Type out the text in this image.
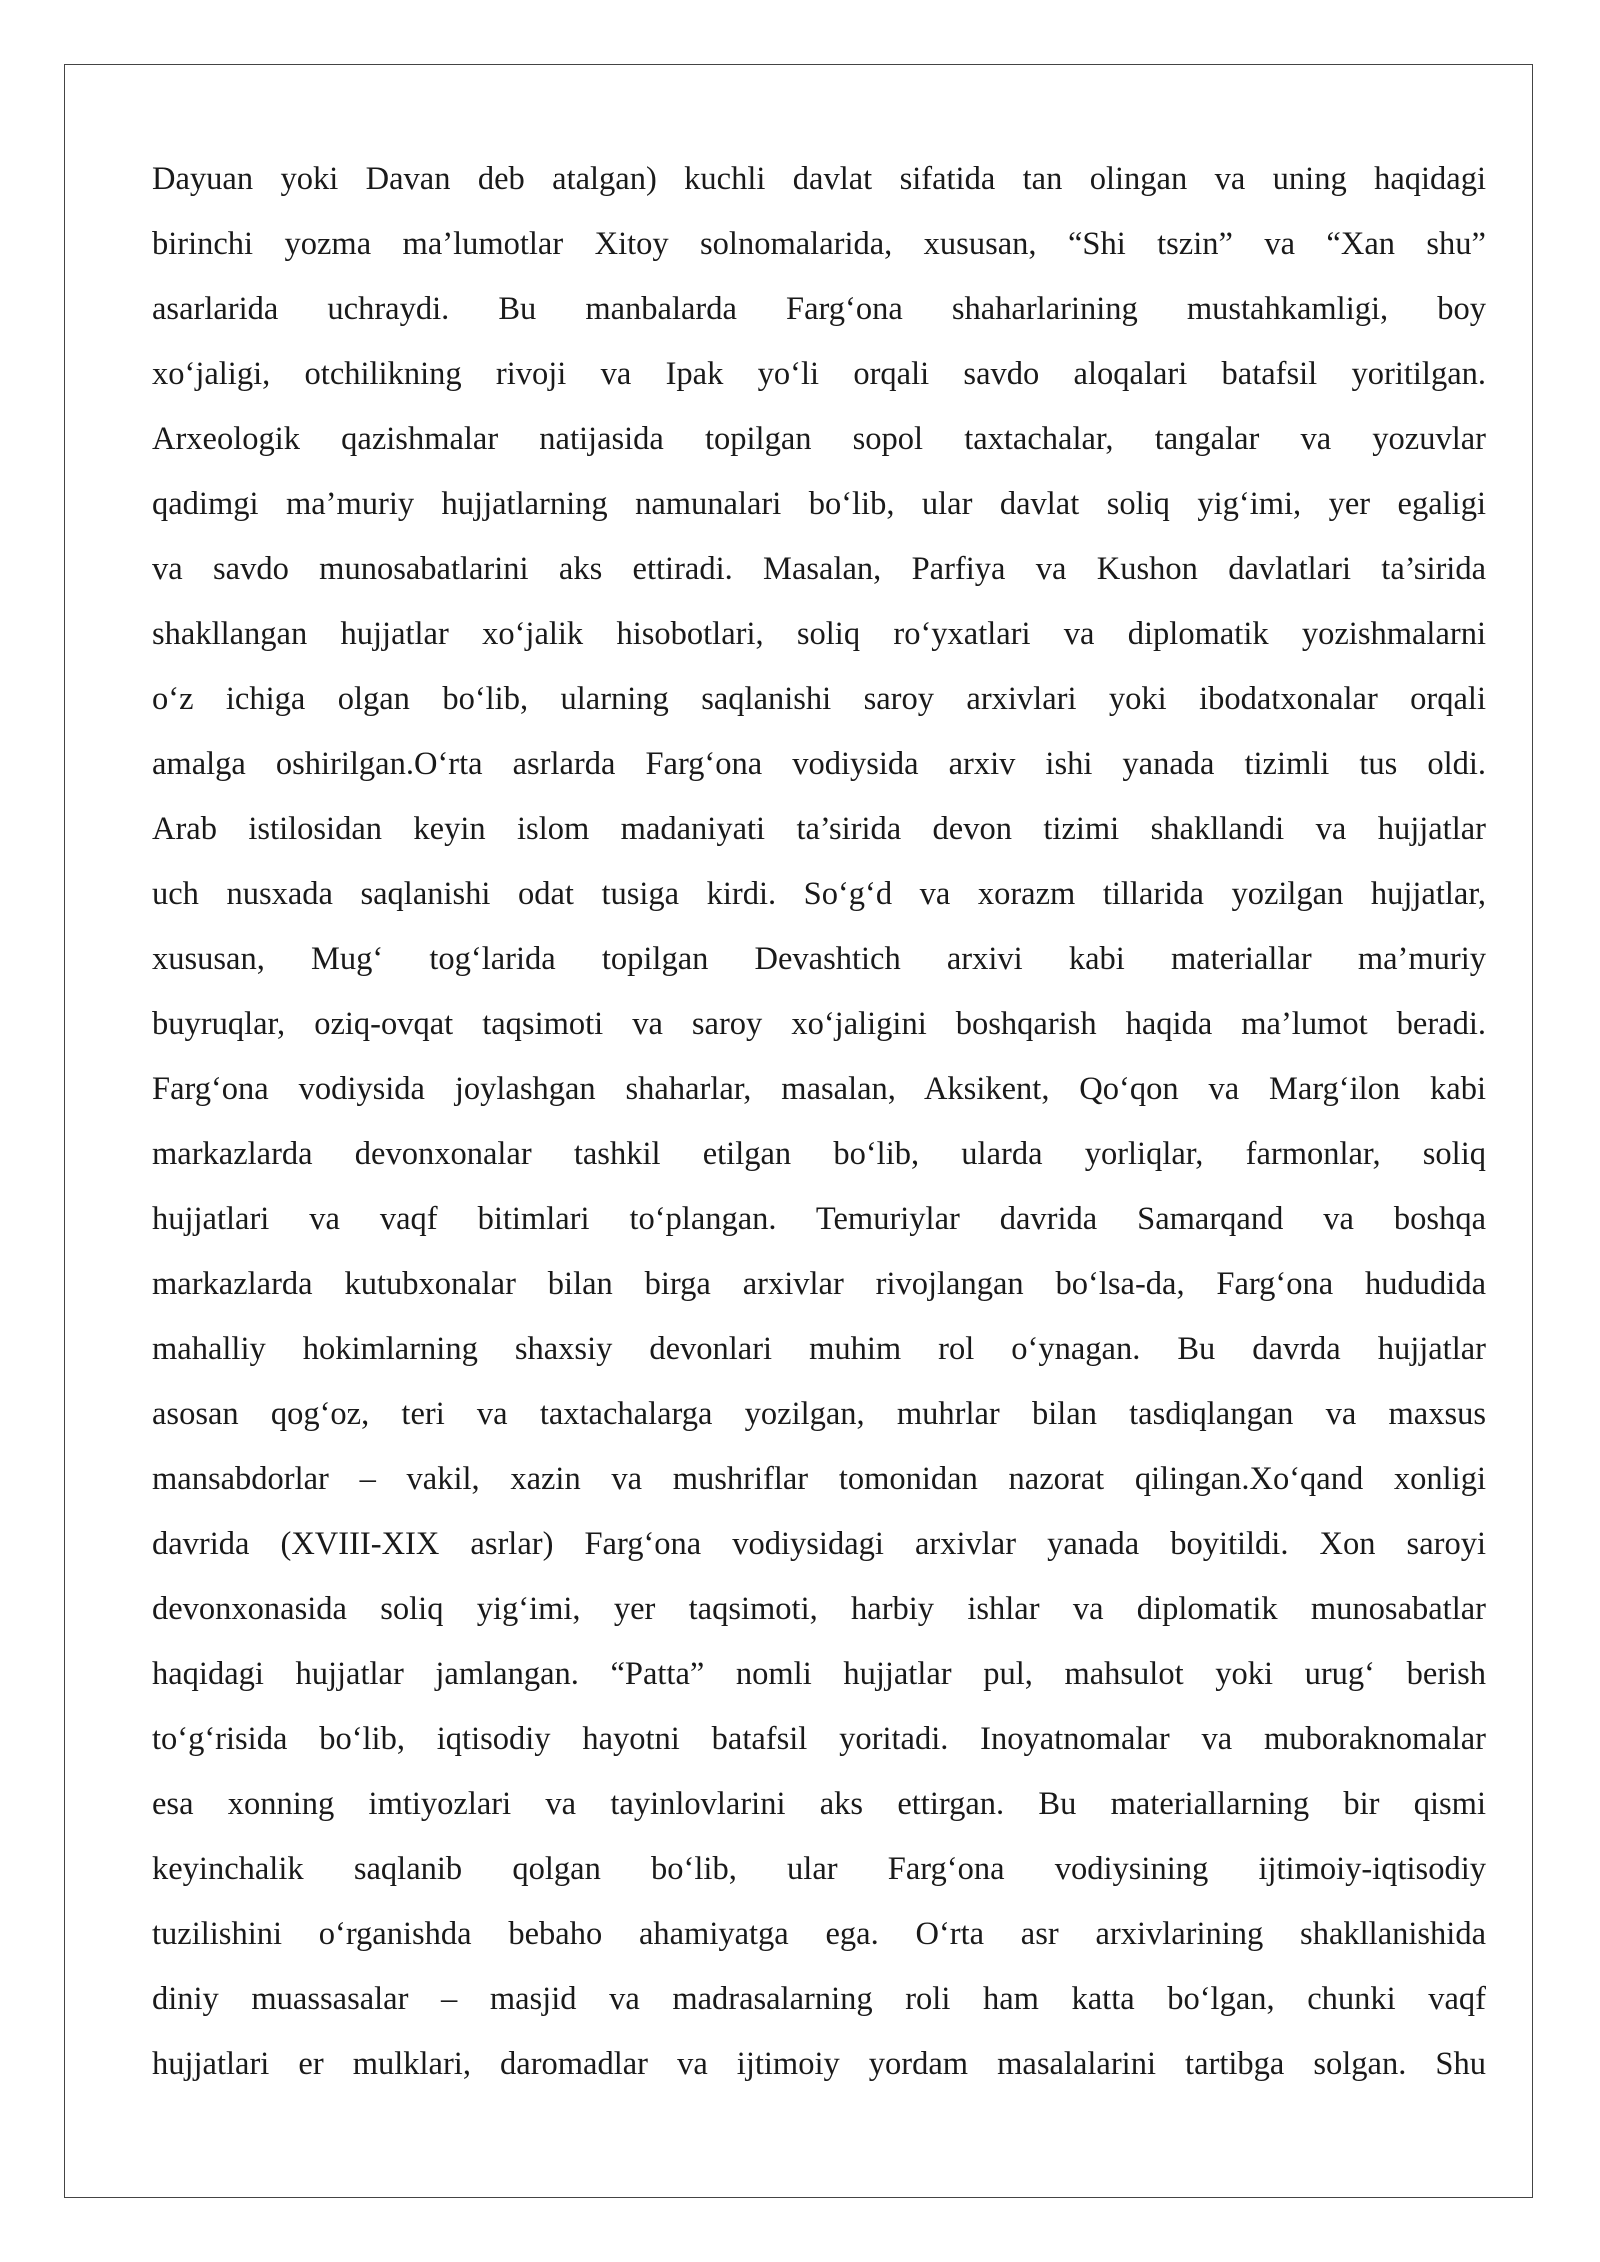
Dayuan yoki Davan deb atalgan) kuchli davlat sifatida tan olingan va uning haqidagi
birinchi yozma ma’lumotlar Xitoy solnomalarida, xususan, “Shi tszin” va “Xan shu”
asarlarida uchraydi. Bu manbalarda Farg‘ona shaharlarining mustahkamligi, boy
xo‘jaligi, otchilikning rivoji va Ipak yo‘li orqali savdo aloqalari batafsil yoritilgan.
Arxeologik qazishmalar natijasida topilgan sopol taxtachalar, tangalar va yozuvlar
qadimgi ma’muriy hujjatlarning namunalari bo‘lib, ular davlat soliq yig‘imi, yer egaligi
va savdo munosabatlarini aks ettiradi. Masalan, Parfiya va Kushon davlatlari ta’sirida
shakllangan hujjatlar xo‘jalik hisobotlari, soliq ro‘yxatlari va diplomatik yozishmalarni
o‘z ichiga olgan bo‘lib, ularning saqlanishi saroy arxivlari yoki ibodatxonalar orqali
amalga oshirilgan.O‘rta asrlarda Farg‘ona vodiysida arxiv ishi yanada tizimli tus oldi.
Arab istilosidan keyin islom madaniyati ta’sirida devon tizimi shakllandi va hujjatlar
uch nusxada saqlanishi odat tusiga kirdi. So‘g‘d va xorazm tillarida yozilgan hujjatlar,
xususan, Mug‘ tog‘larida topilgan Devashtich arxivi kabi materiallar ma’muriy
buyruqlar, oziq-ovqat taqsimoti va saroy xo‘jaligini boshqarish haqida ma’lumot beradi.
Farg‘ona vodiysida joylashgan shaharlar, masalan, Aksikent, Qo‘qon va Marg‘ilon kabi
markazlarda devonxonalar tashkil etilgan bo‘lib, ularda yorliqlar, farmonlar, soliq
hujjatlari va vaqf bitimlari to‘plangan. Temuriylar davrida Samarqand va boshqa
markazlarda kutubxonalar bilan birga arxivlar rivojlangan bo‘lsa-da, Farg‘ona hududida
mahalliy hokimlarning shaxsiy devonlari muhim rol o‘ynagan. Bu davrda hujjatlar
asosan qog‘oz, teri va taxtachalarga yozilgan, muhrlar bilan tasdiqlangan va maxsus
mansabdorlar – vakil, xazin va mushriflar tomonidan nazorat qilingan.Xo‘qand xonligi
davrida (XVIII-XIX asrlar) Farg‘ona vodiysidagi arxivlar yanada boyitildi. Xon saroyi
devonxonasida soliq yig‘imi, yer taqsimoti, harbiy ishlar va diplomatik munosabatlar
haqidagi hujjatlar jamlangan. “Patta” nomli hujjatlar pul, mahsulot yoki urug‘ berish
to‘g‘risida bo‘lib, iqtisodiy hayotni batafsil yoritadi. Inoyatnomalar va muboraknomalar
esa xonning imtiyozlari va tayinlovlarini aks ettirgan. Bu materiallarning bir qismi
keyinchalik saqlanib qolgan bo‘lib, ular Farg‘ona vodiysining ijtimoiy-iqtisodiy
tuzilishini o‘rganishda bebaho ahamiyatga ega. O‘rta asr arxivlarining shakllanishida
diniy muassasalar – masjid va madrasalarning roli ham katta bo‘lgan, chunki vaqf
hujjatlari er mulklari, daromadlar va ijtimoiy yordam masalalarini tartibga solgan. Shu
